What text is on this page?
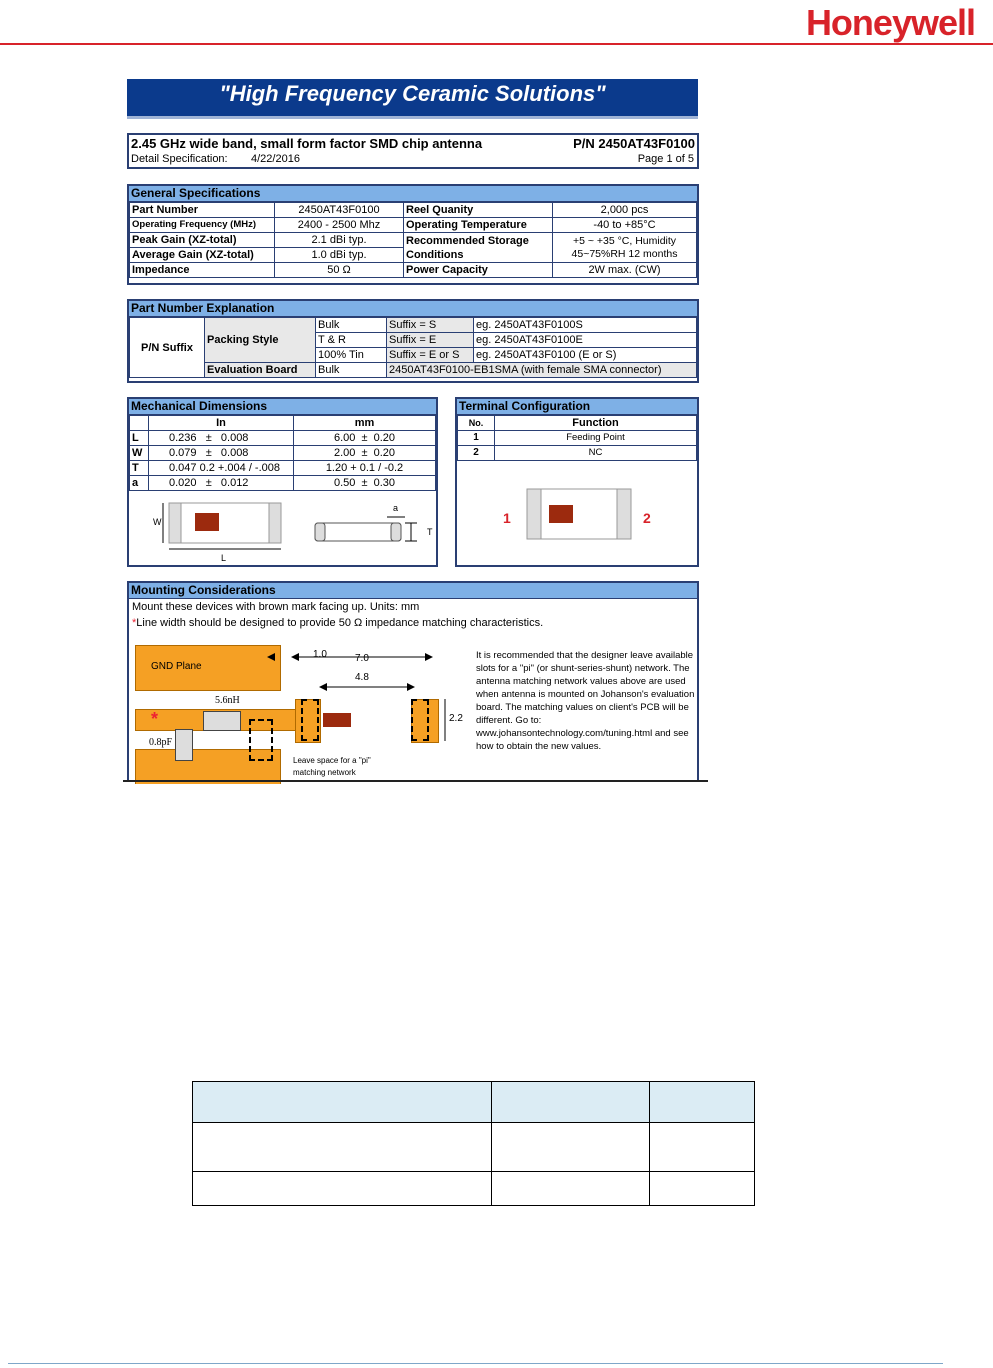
Honeywell
"High Frequency Ceramic Solutions"
2.45 GHz wide band, small form factor SMD chip antenna	P/N 2450AT43F0100
Detail Specification: 4/22/2016	Page 1 of 5
General Specifications
Part Number	2450AT43F0100	Reel Quanity	2,000 pcs
Operating Frequency (MHz)	2400 - 2500 Mhz	Operating Temperature	-40 to +85°C
Peak Gain (XZ-total)	2.1 dBi typ.	Recommended Storage Conditions	+5 ~ +35 °C, Humidity 45~75%RH 12 months
Average Gain (XZ-total)	1.0 dBi typ.		
Impedance	50 Ω	Power Capacity	2W max. (CW)
Part Number Explanation
P/N Suffix	Packing Style	Bulk	Suffix = S	eg. 2450AT43F0100S
		T & R	Suffix = E	eg. 2450AT43F0100E
		100% Tin	Suffix = E or S	eg. 2450AT43F0100 (E or S)
	Evaluation Board	Bulk	2450AT43F0100-EB1SMA (with female SMA connector)	
Mechanical Dimensions
	In	mm
L	0.236   ±   0.008	6.00  ±  0.20
W	0.079   ±   0.008	2.00  ±  0.20
T	0.047 0.2 +.004 / -.008	1.20 + 0.1 / -0.2
a	0.020   ±   0.012	0.50  ±  0.30
W
L
a
T
Terminal Configuration
No.	Function
1	Feeding Point
2	NC
1	2
Mounting Considerations
Mount these devices with brown mark facing up. Units: mm
*Line width should be designed to provide 50 Ω impedance matching characteristics.
GND Plane
*
5.6nH
0.8pF
1.0	7.0
4.8
2.2
Leave space for a "pi" matching network
It is recommended that the designer leave available slots for a "pi" (or shunt-series-shunt) network. The antenna matching network values above are used when antenna is mounted on Johanson's evaluation board. The matching values on client's PCB will be different. Go to: www.johansontechnology.com/tuning.html and see how to obtain the new values.
